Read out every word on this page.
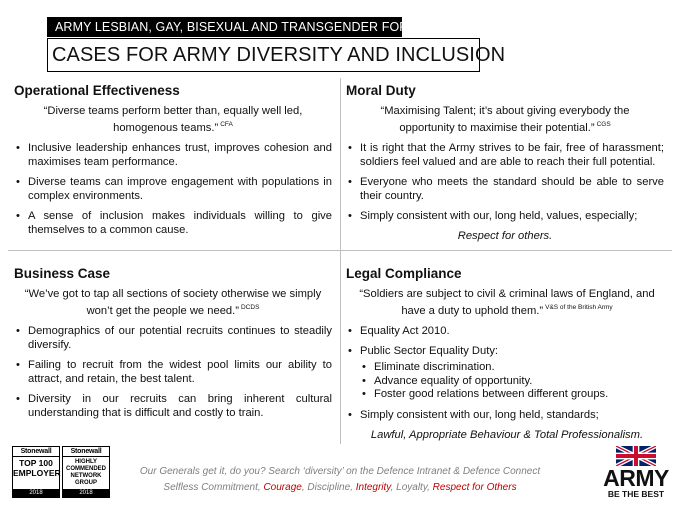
ARMY LESBIAN, GAY, BISEXUAL AND TRANSGENDER FORM
CASES FOR ARMY DIVERSITY AND INCLUSION
Operational Effectiveness

“Diverse teams perform better than, equally well led, homogenous teams.” $^{CFA}$

• Inclusive leadership enhances trust, improves cohesion and maximises team performance.
• Diverse teams can improve engagement with populations in complex environments.
• A sense of inclusion makes individuals willing to give themselves to a common cause.
Moral Duty

“Maximising Talent; it’s about giving everybody the opportunity to maximise their potential.” $^{CGS}$

• It is right that the Army strives to be fair, free of harassment; soldiers feel valued and are able to reach their full potential.
• Everyone who meets the standard should be able to serve their country.
• Simply consistent with our, long held, values, especially;

Respect for others.

Business Case

“We’ve got to tap all sections of society otherwise we simply won’t get the people we need.” $^{DCDS}$

• Demographics of our potential recruits continues to steadily diversify.
• Failing to recruit from the widest pool limits our ability to attract, and retain, the best talent.
• Diversity in our recruits can bring inherent cultural understanding that is difficult and costly to train.
Legal Compliance

“Soldiers are subject to civil & criminal laws of England, and have a duty to uphold them.” $^{V\&S of the British Army}$

• Equality Act 2010.
• Public Sector Equality Duty:
• Eliminate discrimination.
• Advance equality of opportunity.
• Foster good relations between different groups.
• Simply consistent with our, long held, standards;

Lawful, Appropriate Behaviour & Total Professionalism.

Our Generals get it, do you? Search ‘diversity’ on the Defence Intranet & Defence Connect

Selfless Commitment, Courage, Discipline, Integrity, Loyalty, Respect for Others

Stonewall
TOP 100 EMPLOYER
2018
Stonewall
HIGHLY COMMENDED NETWORK GROUP
2018
ARMY
BE THE BEST
